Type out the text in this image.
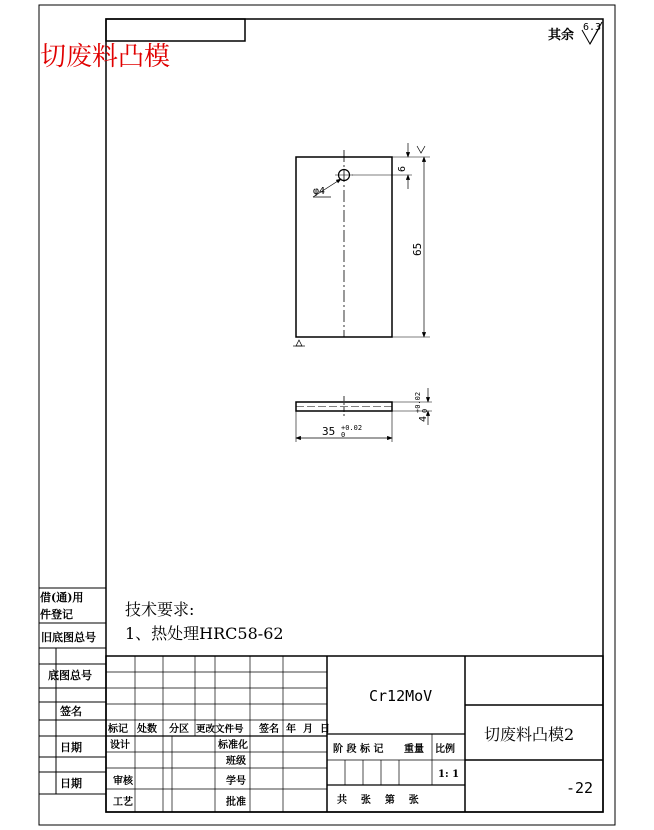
切废料凸模
其余
6.3
φ4
6
65
35 +0.02
0
4
+0.02 0
技术要求:
1、热处理HRC58-62
借(通)用
件登记
旧底图总号
底图总号
签名
日期
日期
标记 处数 分区 更改文件号 签名 年 月 日
设计	标准化
班级
审核	学号
工艺	批准
阶 段 标 记 重量 比例
1: 1
共    张    第    张
Cr12MoV
切废料凸模2
-22
